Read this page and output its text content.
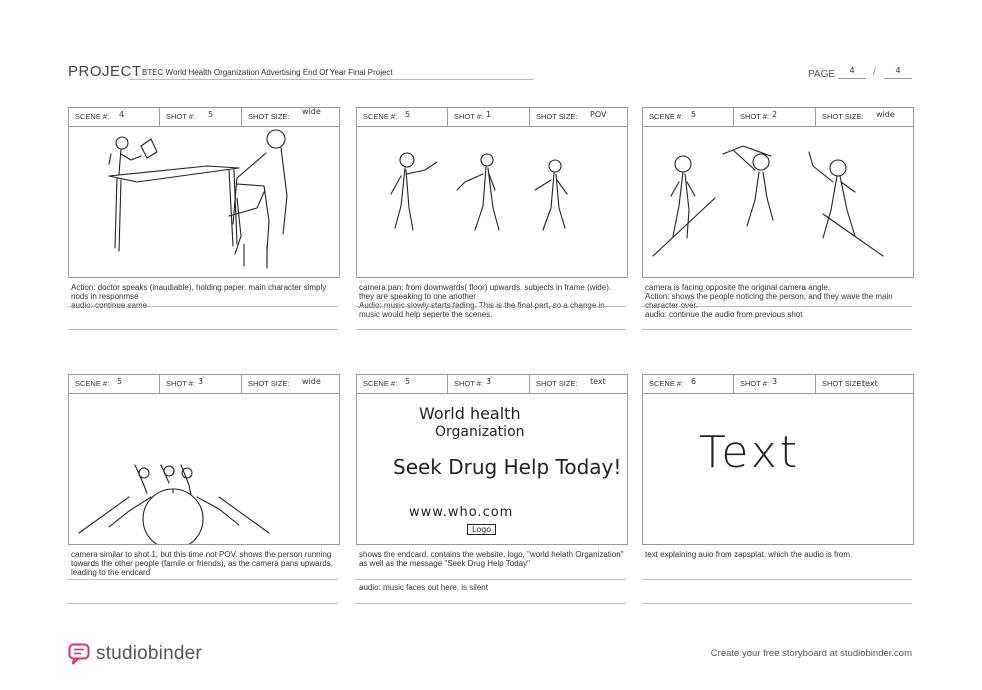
PROJECT BTEC World Health Organization Advertising End Of Year Final Project	PAGE	4	/	4
SCENE #: 4	SHOT #: 5	SHOT SIZE:
wide
Action: doctor speaks (inaudiable), holding paper. main character simply nods in responmse
audio: continue same
SCENE #: 5	SHOT #: 1	SHOT SIZE: POV
camera pan: from downwards( floor) upwards. subjects in frame (wide). they are speaking to one another
Audio: music slowly starts fading. This is the final part, so a change in music would help seperte the scenes.
SCENE #: 5	SHOT #: 2	SHOT SIZE: wide
camera is facing opposite the original camera angle.
Action: shows the people noticing the person, and they wave the main character over.
audio: continue the audio from previous shot
SCENE #: 5	SHOT #: 3	SHOT SIZE: wide
camera similar to shot 1, but this time not POV. shows the person running towards the other people (famile or friends), as the camera pans upwards, leading to the endcard
SCENE #: 5	SHOT #: 3	SHOT SIZE: text
World health
Organization
Seek Drug Help Today!
www.who.com
Logo
shows the endcard. contains the website, logo, "world helath Organization" as well as the message "Seek Drug Help Today"
audio: music faces out here. is silent
SCENE #: 6	SHOT #: 3	SHOT SIZE:
text
Text
text explaining auio from zapsplat. which the audio is from.
studiobinder	Create your free storyboard at studiobinder.com
